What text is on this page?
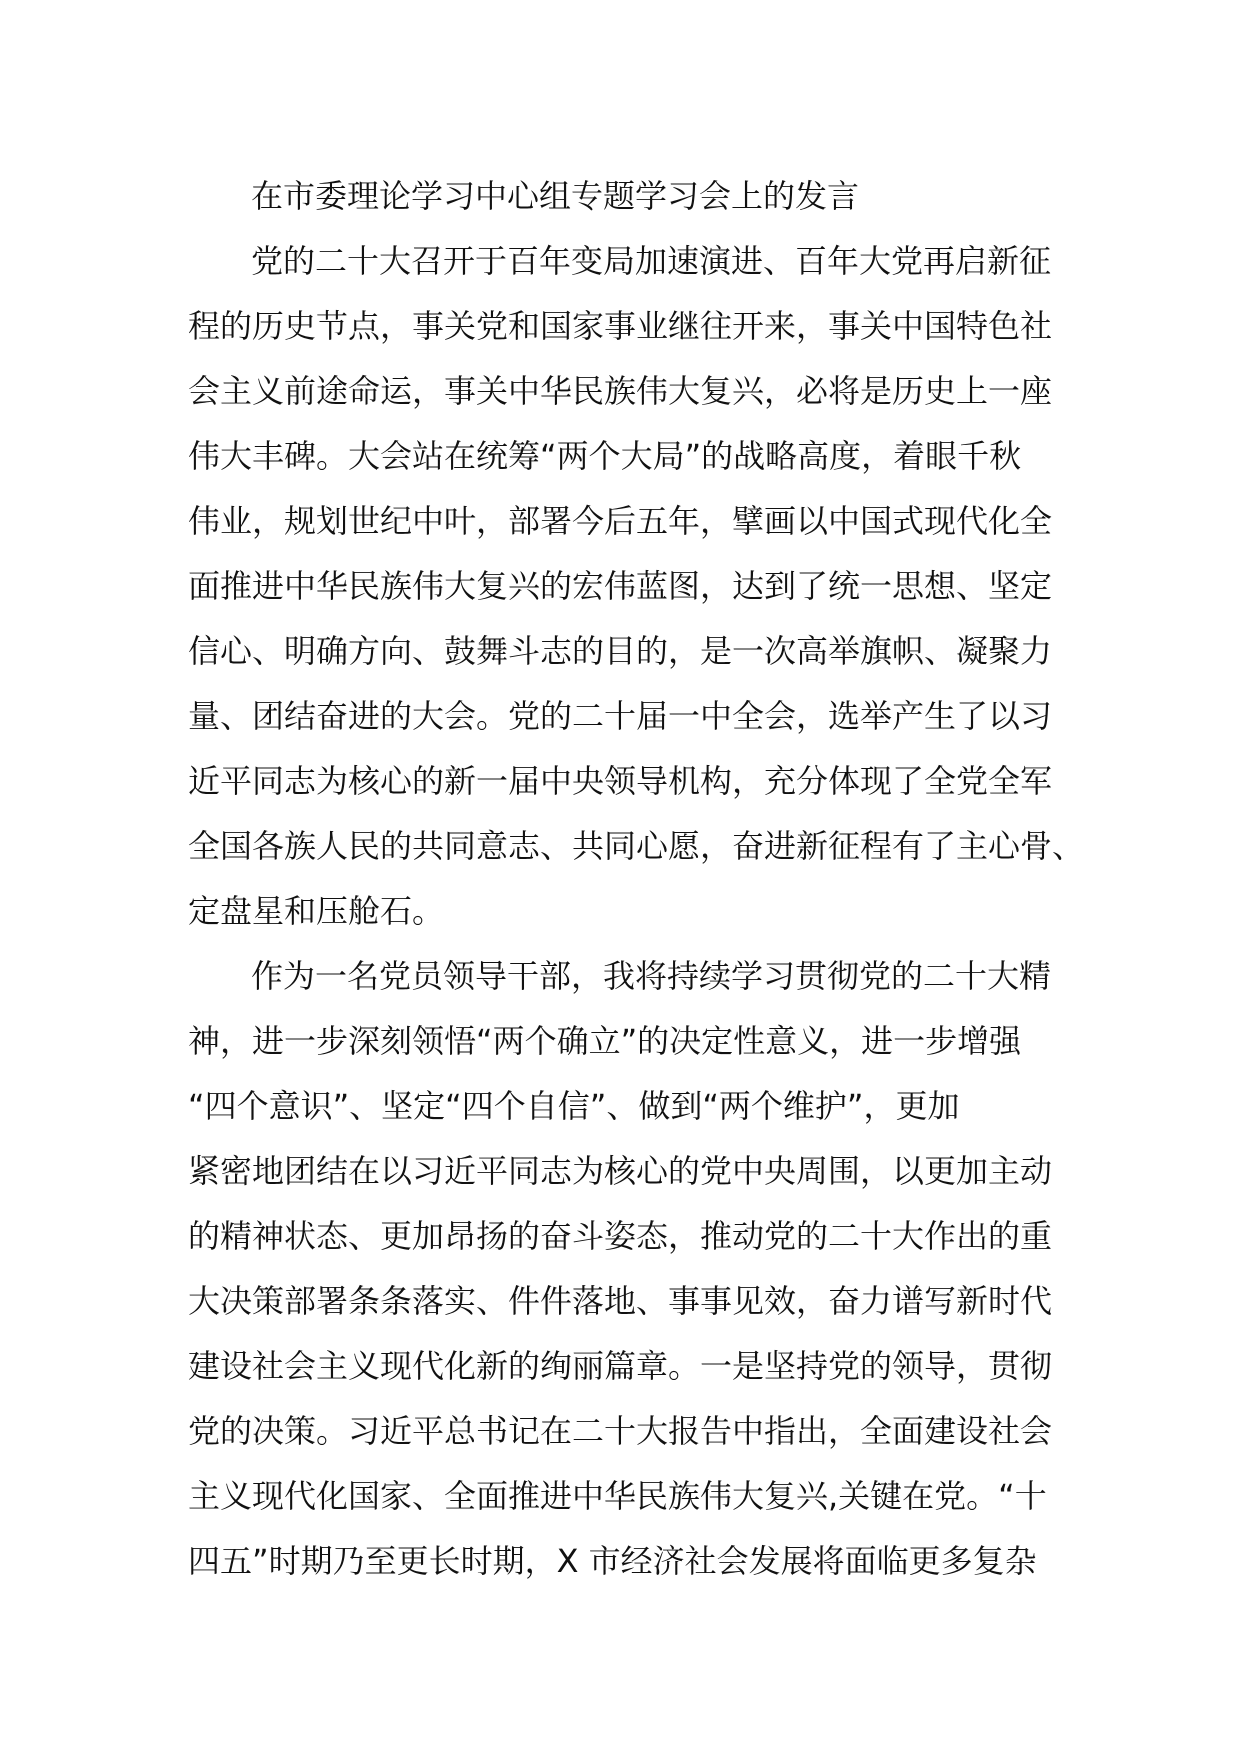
在市委理论学习中心组专题学习会上的发言

党的二十大召开于百年变局加速演进、百年大党再启新征
程的历史节点，事关党和国家事业继往开来，事关中国特色社
会主义前途命运，事关中华民族伟大复兴，必将是历史上一座
伟大丰碑。大会站在统筹“两个大局”的战略高度，着眼千秋
伟业，规划世纪中叶，部署今后五年，擘画以中国式现代化全
面推进中华民族伟大复兴的宏伟蓝图，达到了统一思想、坚定
信心、明确方向、鼓舞斗志的目的，是一次高举旗帜、凝聚力
量、团结奋进的大会。党的二十届一中全会，选举产生了以习
近平同志为核心的新一届中央领导机构，充分体现了全党全军
全国各族人民的共同意志、共同心愿，奋进新征程有了主心骨、
定盘星和压舱石。

作为一名党员领导干部，我将持续学习贯彻党的二十大精
神，进一步深刻领悟“两个确立”的决定性意义，进一步增强
“四个意识”、坚定“四个自信”、做到“两个维护”，更加
紧密地团结在以习近平同志为核心的党中央周围，以更加主动
的精神状态、更加昂扬的奋斗姿态，推动党的二十大作出的重
大决策部署条条落实、件件落地、事事见效，奋力谱写新时代
建设社会主义现代化新的绚丽篇章。一是坚持党的领导，贯彻
党的决策。习近平总书记在二十大报告中指出，全面建设社会
主义现代化国家、全面推进中华民族伟大复兴,关键在党。“十
四五”时期乃至更长时期，X 市经济社会发展将面临更多复杂
